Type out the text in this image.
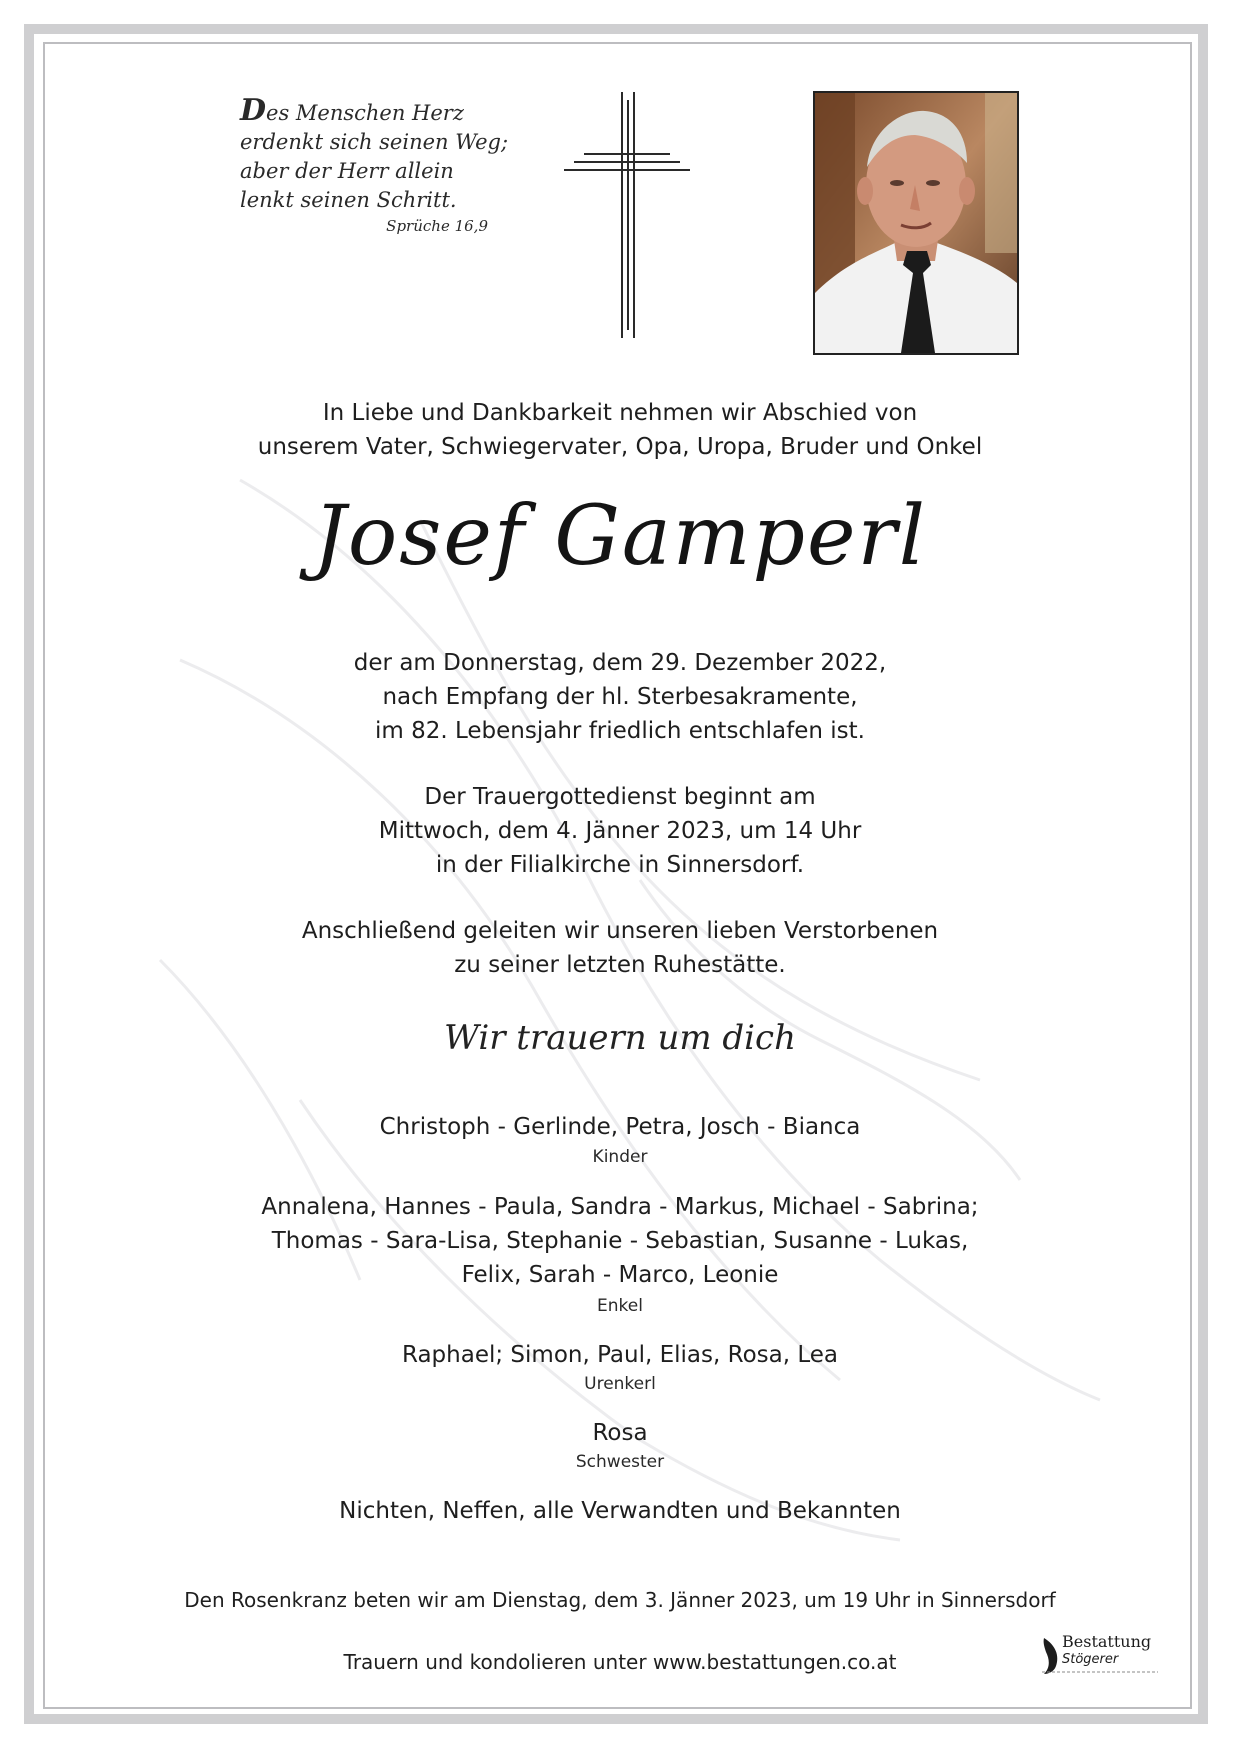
Des Menschen Herz
erdenkt sich seinen Weg;
aber der Herr allein
lenkt seinen Schritt.
Sprüche 16,9
In Liebe und Dankbarkeit nehmen wir Abschied von
unserem Vater, Schwiegervater, Opa, Uropa, Bruder und Onkel
Josef Gamperl
der am Donnerstag, dem 29. Dezember 2022,
nach Empfang der hl. Sterbesakramente,
im 82. Lebensjahr friedlich entschlafen ist.
Der Trauergottedienst beginnt am
Mittwoch, dem 4. Jänner 2023, um 14 Uhr
in der Filialkirche in Sinnersdorf.
Anschließend geleiten wir unseren lieben Verstorbenen
zu seiner letzten Ruhestätte.
Wir trauern um dich
Christoph - Gerlinde, Petra, Josch - Bianca
Kinder
Annalena, Hannes - Paula, Sandra - Markus, Michael - Sabrina;
Thomas - Sara-Lisa, Stephanie - Sebastian, Susanne - Lukas,
Felix, Sarah - Marco, Leonie
Enkel
Raphael; Simon, Paul, Elias, Rosa, Lea
Urenkerl
Rosa
Schwester
Nichten, Neffen, alle Verwandten und Bekannten
Den Rosenkranz beten wir am Dienstag, dem 3. Jänner 2023, um 19 Uhr in Sinnersdorf
Trauern und kondolieren unter www.bestattungen.co.at
Bestattung
Stögerer
